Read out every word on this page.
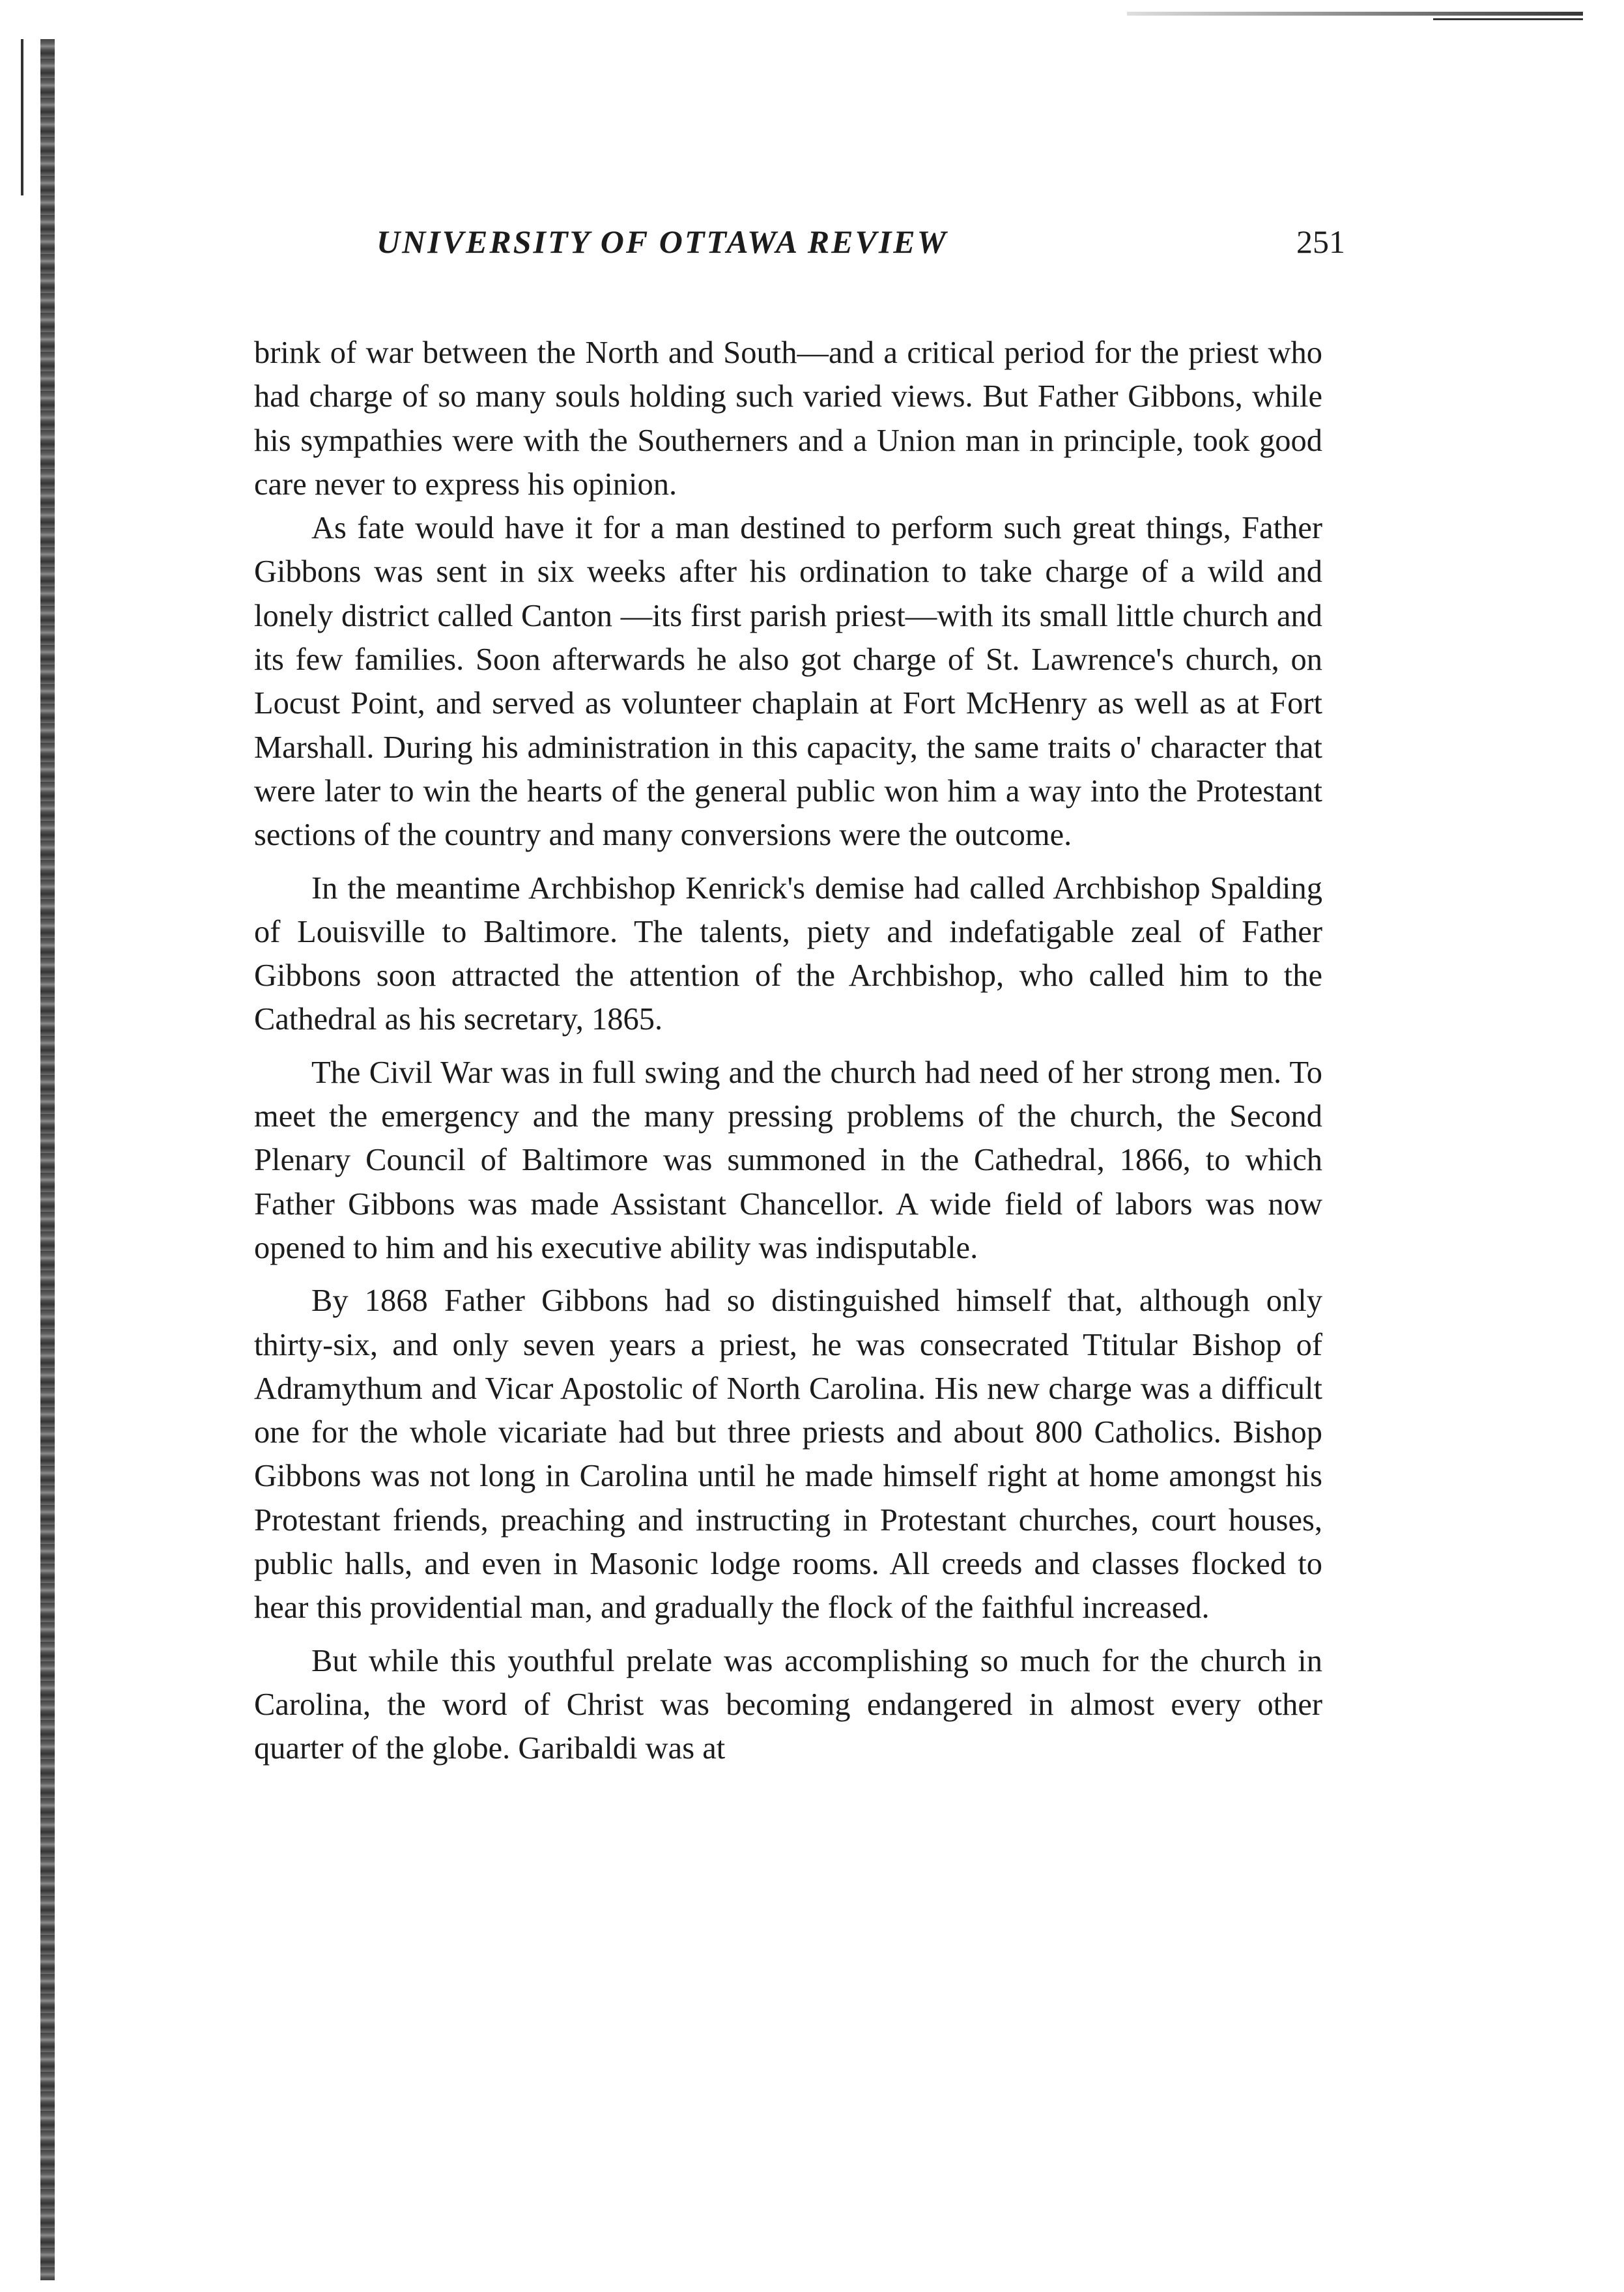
UNIVERSITY OF OTTAWA REVIEW	251

brink of war between the North and South—and a critical period for the priest who had charge of so many souls holding such varied views. But Father Gibbons, while his sympathies were with the Southerners and a Union man in principle, took good care never to express his opinion.

As fate would have it for a man destined to perform such great things, Father Gibbons was sent in six weeks after his ordination to take charge of a wild and lonely district called Canton —its first parish priest—with its small little church and its few families. Soon afterwards he also got charge of St. Lawrence's church, on Locust Point, and served as volunteer chaplain at Fort McHenry as well as at Fort Marshall. During his administration in this capacity, the same traits o' character that were later to win the hearts of the general public won him a way into the Protestant sections of the country and many conversions were the outcome.

In the meantime Archbishop Kenrick's demise had called Archbishop Spalding of Louisville to Baltimore. The talents, piety and indefatigable zeal of Father Gibbons soon attracted the attention of the Archbishop, who called him to the Cathedral as his secretary, 1865.

The Civil War was in full swing and the church had need of her strong men. To meet the emergency and the many pressing problems of the church, the Second Plenary Council of Baltimore was summoned in the Cathedral, 1866, to which Father Gibbons was made Assistant Chancellor. A wide field of labors was now opened to him and his executive ability was indisputable.

By 1868 Father Gibbons had so distinguished himself that, although only thirty-six, and only seven years a priest, he was consecrated Ttitular Bishop of Adramythum and Vicar Apostolic of North Carolina. His new charge was a difficult one for the whole vicariate had but three priests and about 800 Catholics. Bishop Gibbons was not long in Carolina until he made himself right at home amongst his Protestant friends, preaching and instructing in Protestant churches, court houses, public halls, and even in Masonic lodge rooms. All creeds and classes flocked to hear this providential man, and gradually the flock of the faithful increased.

But while this youthful prelate was accomplishing so much for the church in Carolina, the word of Christ was becoming endangered in almost every other quarter of the globe. Garibaldi was at
